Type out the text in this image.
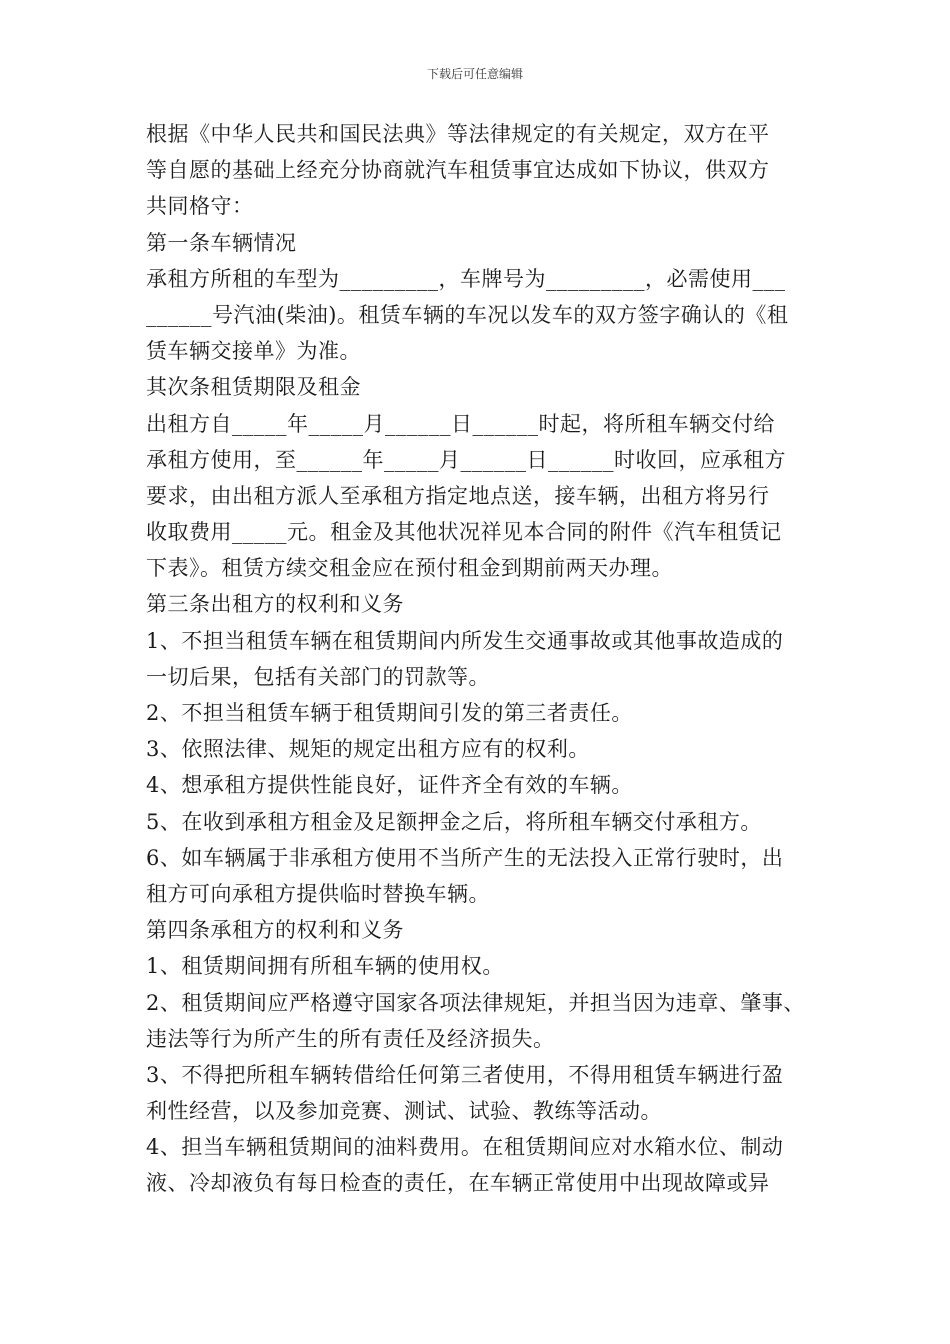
下载后可任意编辑
根据《中华人民共和国民法典》等法律规定的有关规定，双方在平
等自愿的基础上经充分协商就汽车租赁事宜达成如下协议，供双方
共同格守：
第一条车辆情况
承租方所租的车型为_________，车牌号为_________，必需使用___
______号汽油(柴油)。租赁车辆的车况以发车的双方签字确认的《租
赁车辆交接单》为准。
其次条租赁期限及租金
出租方自_____年_____月______日______时起，将所租车辆交付给
承租方使用，至______年_____月______日______时收回，应承租方
要求，由出租方派人至承租方指定地点送，接车辆，出租方将另行
收取费用_____元。租金及其他状况祥见本合同的附件《汽车租赁记
下表》。租赁方续交租金应在预付租金到期前两天办理。
第三条出租方的权利和义务
1、不担当租赁车辆在租赁期间内所发生交通事故或其他事故造成的
一切后果，包括有关部门的罚款等。
2、不担当租赁车辆于租赁期间引发的第三者责任。
3、依照法律、规矩的规定出租方应有的权利。
4、想承租方提供性能良好，证件齐全有效的车辆。
5、在收到承租方租金及足额押金之后，将所租车辆交付承租方。
6、如车辆属于非承租方使用不当所产生的无法投入正常行驶时，出
租方可向承租方提供临时替换车辆。
第四条承租方的权利和义务
1、租赁期间拥有所租车辆的使用权。
2、租赁期间应严格遵守国家各项法律规矩，并担当因为违章、肇事、
违法等行为所产生的所有责任及经济损失。
3、不得把所租车辆转借给任何第三者使用，不得用租赁车辆进行盈
利性经营，以及参加竞赛、测试、试验、教练等活动。
4、担当车辆租赁期间的油料费用。在租赁期间应对水箱水位、制动
液、冷却液负有每日检查的责任，在车辆正常使用中出现故障或异
